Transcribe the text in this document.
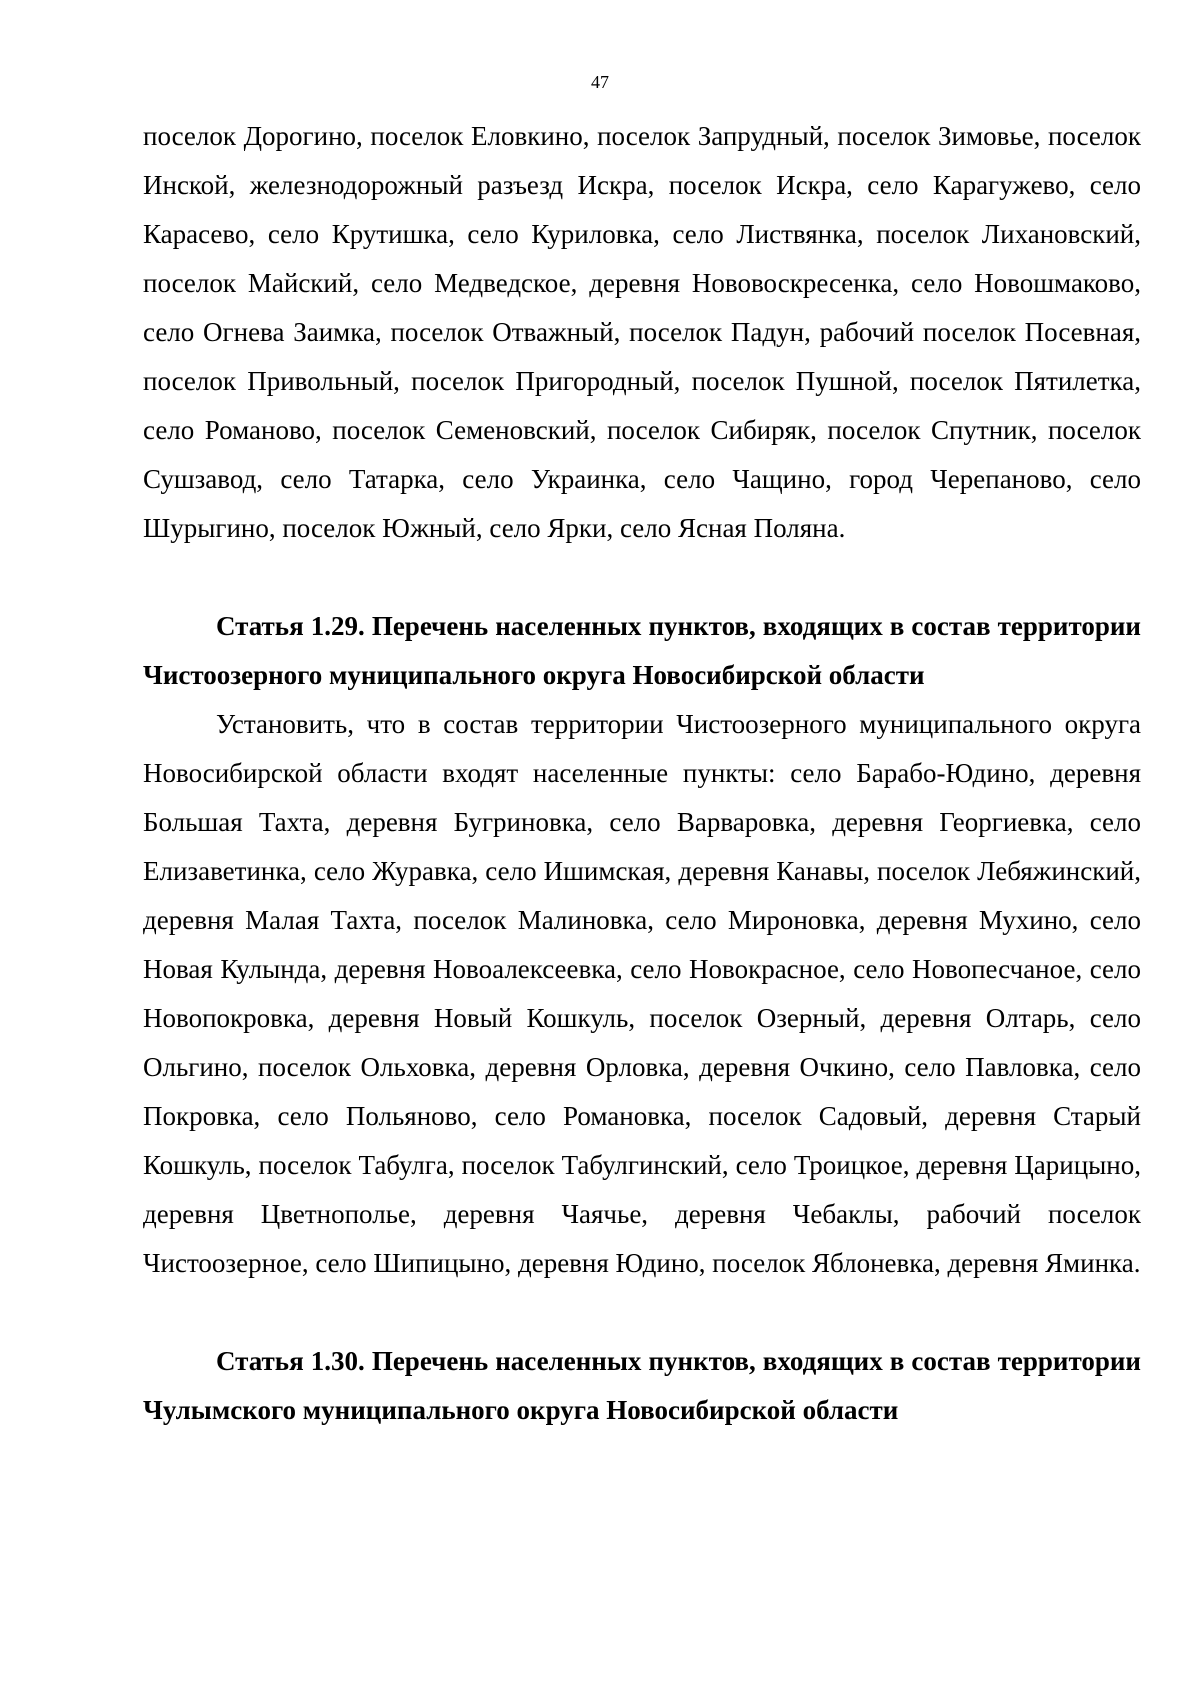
47

поселок Дорогино, поселок Еловкино, поселок Запрудный, поселок Зимовье, поселок Инской, железнодорожный разъезд Искра, поселок Искра, село Карагужево, село Карасево, село Крутишка, село Куриловка, село Листвянка, поселок Лихановский, поселок Майский, село Медведское, деревня Нововоскресенка, село Новошмаково, село Огнева Заимка, поселок Отважный, поселок Падун, рабочий поселок Посевная, поселок Привольный, поселок Пригородный, поселок Пушной, поселок Пятилетка, село Романово, поселок Семеновский, поселок Сибиряк, поселок Спутник, поселок Сушзавод, село Татарка, село Украинка, село Чащино, город Черепаново, село Шурыгино, поселок Южный, село Ярки, село Ясная Поляна.

Статья 1.29. Перечень населенных пунктов, входящих в состав территории Чистоозерного муниципального округа Новосибирской области

Установить, что в состав территории Чистоозерного муниципального округа Новосибирской области входят населенные пункты: село Барабо-Юдино, деревня Большая Тахта, деревня Бугриновка, село Варваровка, деревня Георгиевка, село Елизаветинка, село Журавка, село Ишимская, деревня Канавы, поселок Лебяжинский, деревня Малая Тахта, поселок Малиновка, село Мироновка, деревня Мухино, село Новая Кулында, деревня Новоалексеевка, село Новокрасное, село Новопесчаное, село Новопокровка, деревня Новый Кошкуль, поселок Озерный, деревня Олтарь, село Ольгино, поселок Ольховка, деревня Орловка, деревня Очкино, село Павловка, село Покровка, село Польяново, село Романовка, поселок Садовый, деревня Старый Кошкуль, поселок Табулга, поселок Табулгинский, село Троицкое, деревня Царицыно, деревня Цветнополье, деревня Чаячье, деревня Чебаклы, рабочий поселок Чистоозерное, село Шипицыно, деревня Юдино, поселок Яблоневка, деревня Яминка.

Статья 1.30. Перечень населенных пунктов, входящих в состав территории Чулымского муниципального округа Новосибирской области
